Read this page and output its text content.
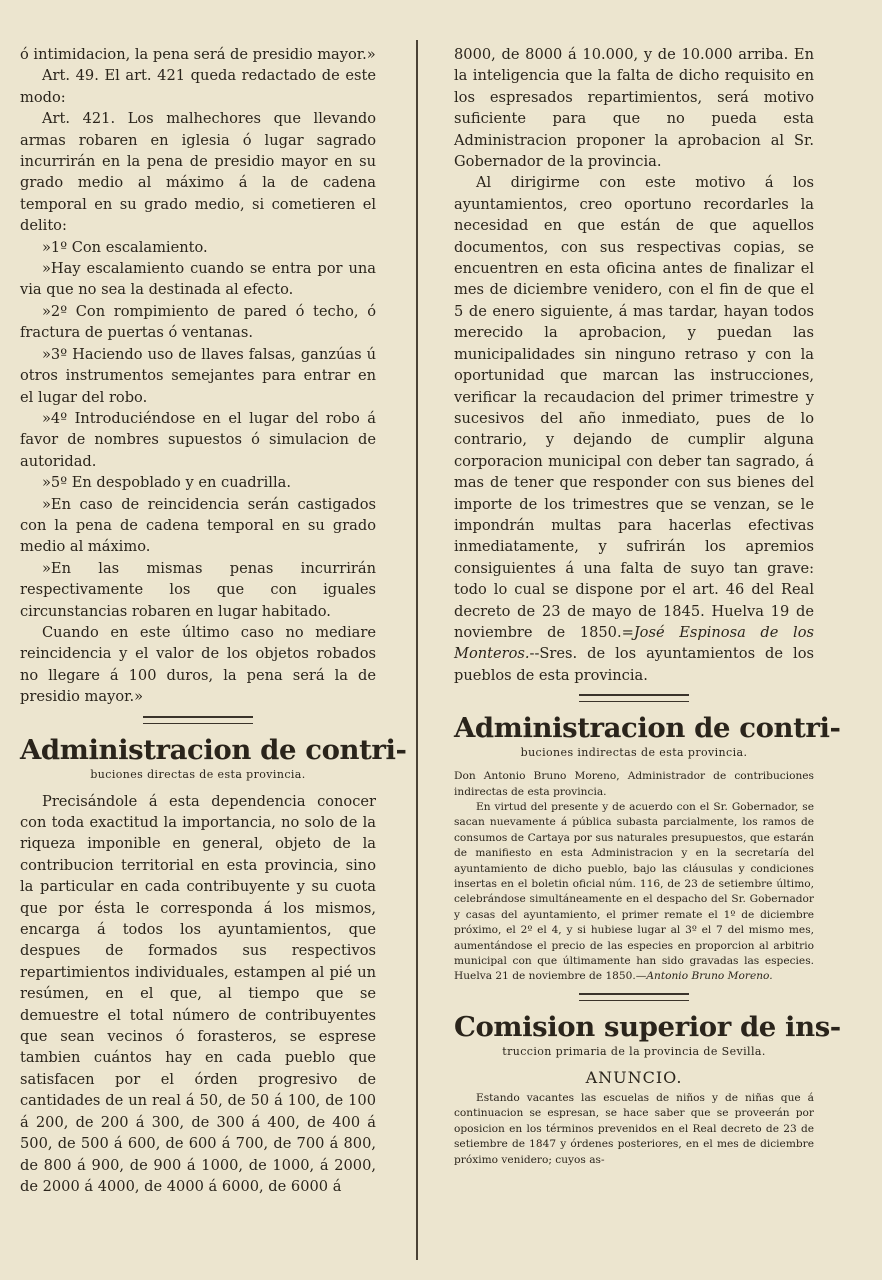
ó intimidacion, la pena será de presidio mayor.»

Art. 49. El art. 421 queda redactado de este modo:

Art. 421. Los malhechores que llevando armas robaren en iglesia ó lugar sagrado incurrirán en la pena de presidio mayor en su grado medio al máximo á la de cadena temporal en su grado medio, si cometieren el delito:

»1º Con escalamiento.

»Hay escalamiento cuando se entra por una via que no sea la destinada al efecto.

»2º Con rompimiento de pared ó techo, ó fractura de puertas ó ventanas.

»3º Haciendo uso de llaves falsas, ganzúas ú otros instrumentos semejantes para entrar en el lugar del robo.

»4º Introduciéndose en el lugar del robo á favor de nombres supuestos ó simulacion de autoridad.

»5º En despoblado y en cuadrilla.

»En caso de reincidencia serán castigados con la pena de cadena temporal en su grado medio al máximo.

»En las mismas penas incurrirán respectivamente los que con iguales circunstancias robaren en lugar habitado.

Cuando en este último caso no mediare reincidencia y el valor de los objetos robados no llegare á 100 duros, la pena será la de presidio mayor.»

Administracion de contri-
buciones directas de esta provincia.

Precisándole á esta dependencia conocer con toda exactitud la importancia, no solo de la riqueza imponible en general, objeto de la contribucion territorial en esta provincia, sino la particular en cada contribuyente y su cuota que por ésta le corresponda á los mismos, encarga á todos los ayuntamientos, que despues de formados sus respectivos repartimientos individuales, estampen al pié un resúmen, en el que, al tiempo que se demuestre el total número de contribuyentes que sean vecinos ó forasteros, se esprese tambien cuántos hay en cada pueblo que satisfacen por el órden progresivo de cantidades de un real á 50, de 50 á 100, de 100 á 200, de 200 á 300, de 300 á 400, de 400 á 500, de 500 á 600, de 600 á 700, de 700 á 800, de 800 á 900, de 900 á 1000, de 1000, á 2000, de 2000 á 4000, de 4000 á 6000, de 6000 á

8000, de 8000 á 10.000, y de 10.000 arriba. En la inteligencia que la falta de dicho requisito en los espresados repartimientos, será motivo suficiente para que no pueda esta Administracion proponer la aprobacion al Sr. Gobernador de la provincia.

Al dirigirme con este motivo á los ayuntamientos, creo oportuno recordarles la necesidad en que están de que aquellos documentos, con sus respectivas copias, se encuentren en esta oficina antes de finalizar el mes de diciembre venidero, con el fin de que el 5 de enero siguiente, á mas tardar, hayan todos merecido la aprobacion, y puedan las municipalidades sin ninguno retraso y con la oportunidad que marcan las instrucciones, verificar la recaudacion del primer trimestre y sucesivos del año inmediato, pues de lo contrario, y dejando de cumplir alguna corporacion municipal con deber tan sagrado, á mas de tener que responder con sus bienes del importe de los trimestres que se venzan, se le impondrán multas para hacerlas efectivas inmediatamente, y sufrirán los apremios consiguientes á una falta de suyo tan grave: todo lo cual se dispone por el art. 46 del Real decreto de 23 de mayo de 1845. Huelva 19 de noviembre de 1850.=José Espinosa de los Monteros.--Sres. de los ayuntamientos de los pueblos de esta provincia.

Administracion de contri-
buciones indirectas de esta provincia.

Don Antonio Bruno Moreno, Administrador de contribuciones indirectas de esta provincia.

En virtud del presente y de acuerdo con el Sr. Gobernador, se sacan nuevamente á pública subasta parcialmente, los ramos de consumos de Cartaya por sus naturales presupuestos, que estarán de manifiesto en esta Administracion y en la secretaría del ayuntamiento de dicho pueblo, bajo las cláusulas y condiciones insertas en el boletin oficial núm. 116, de 23 de setiembre último, celebrándose simultáneamente en el despacho del Sr. Gobernador y casas del ayuntamiento, el primer remate el 1º de diciembre próximo, el 2º el 4, y si hubiese lugar al 3º el 7 del mismo mes, aumentándose el precio de las especies en proporcion al arbitrio municipal con que últimamente han sido gravadas las especies. Huelva 21 de noviembre de 1850.—Antonio Bruno Moreno.

Comision superior de ins-
truccion primaria de la provincia de Sevilla.
ANUNCIO.

Estando vacantes las escuelas de niños y de niñas que á continuacion se espresan, se hace saber que se proveerán por oposicion en los términos prevenidos en el Real decreto de 23 de setiembre de 1847 y órdenes posteriores, en el mes de diciembre próximo venidero; cuyos as-
